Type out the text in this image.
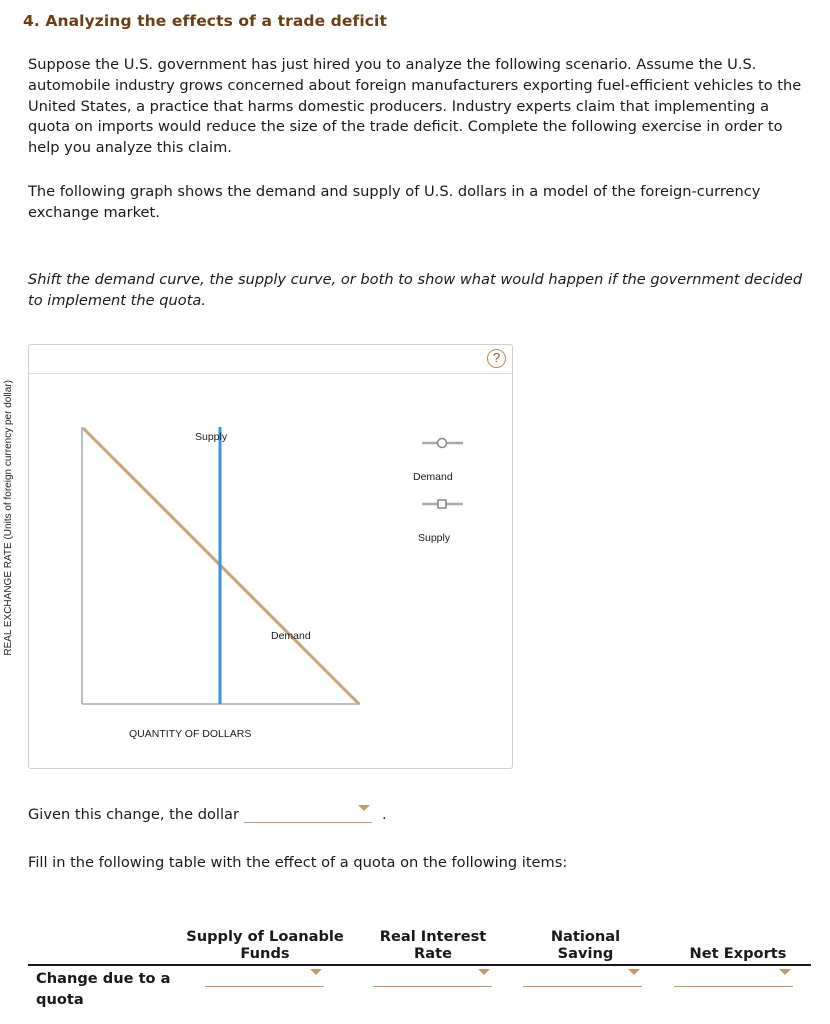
4. Analyzing the effects of a trade deficit
Suppose the U.S. government has just hired you to analyze the following scenario. Assume the U.S. automobile industry grows concerned about foreign manufacturers exporting fuel-efficient vehicles to the United States, a practice that harms domestic producers. Industry experts claim that implementing a quota on imports would reduce the size of the trade deficit. Complete the following exercise in order to help you analyze this claim.
The following graph shows the demand and supply of U.S. dollars in a model of the foreign-currency exchange market.
Shift the demand curve, the supply curve, or both to show what would happen if the government decided to implement the quota.
?
Supply
Demand
QUANTITY OF DOLLARS
Demand
Supply
REAL EXCHANGE RATE (Units of foreign currency per dollar)
Given this change, the dollar	.
Fill in the following table with the effect of a quota on the following items:
Supply of Loanable Funds
Real Interest Rate
National Saving	Net Exports
Change due to a quota
